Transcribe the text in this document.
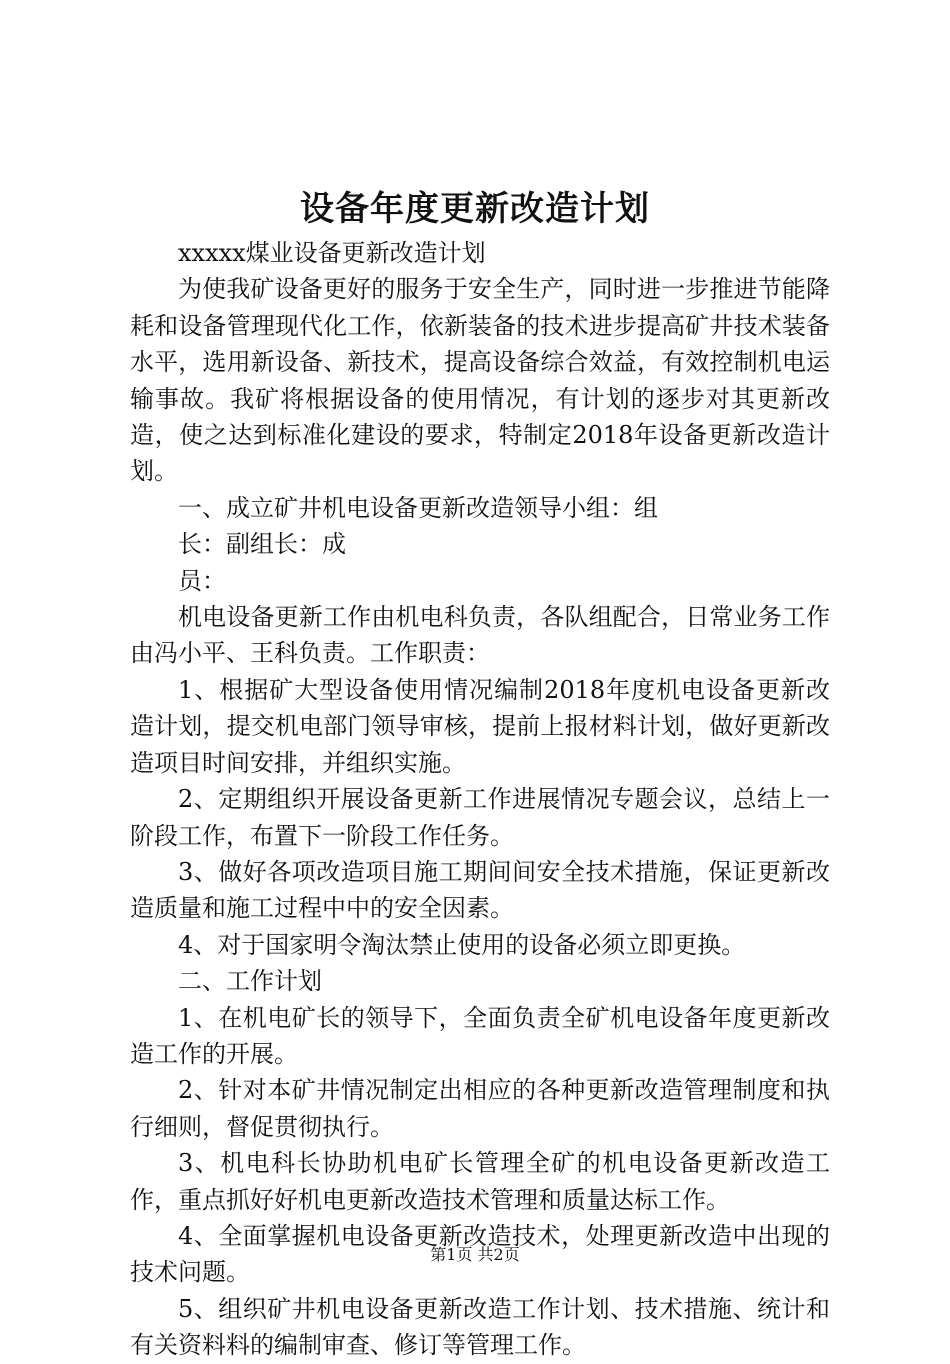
设备年度更新改造计划

xxxxx煤业设备更新改造计划

为使我矿设备更好的服务于安全生产，同时进一步推进节能降耗和设备管理现代化工作，依新装备的技术进步提高矿井技术装备水平，选用新设备、新技术，提高设备综合效益，有效控制机电运输事故。我矿将根据设备的使用情况，有计划的逐步对其更新改造，使之达到标准化建设的要求，特制定2018年设备更新改造计划。

一、成立矿井机电设备更新改造领导小组：组

长：副组长：成

员：

机电设备更新工作由机电科负责，各队组配合，日常业务工作由冯小平、王科负责。工作职责：

1、根据矿大型设备使用情况编制2018年度机电设备更新改造计划，提交机电部门领导审核，提前上报材料计划，做好更新改造项目时间安排，并组织实施。

2、定期组织开展设备更新工作进展情况专题会议，总结上一阶段工作，布置下一阶段工作任务。

3、做好各项改造项目施工期间间安全技术措施，保证更新改造质量和施工过程中中的安全因素。

4、对于国家明令淘汰禁止使用的设备必须立即更换。

二、工作计划

1、在机电矿长的领导下，全面负责全矿机电设备年度更新改造工作的开展。

2、针对本矿井情况制定出相应的各种更新改造管理制度和执行细则，督促贯彻执行。

3、机电科长协助机电矿长管理全矿的机电设备更新改造工作，重点抓好好机电更新改造技术管理和质量达标工作。

4、全面掌握机电设备更新改造技术，处理更新改造中出现的技术问题。

5、组织矿井机电设备更新改造工作计划、技术措施、统计和有关资料料的编制审查、修订等管理工作。

第1页 共2页
